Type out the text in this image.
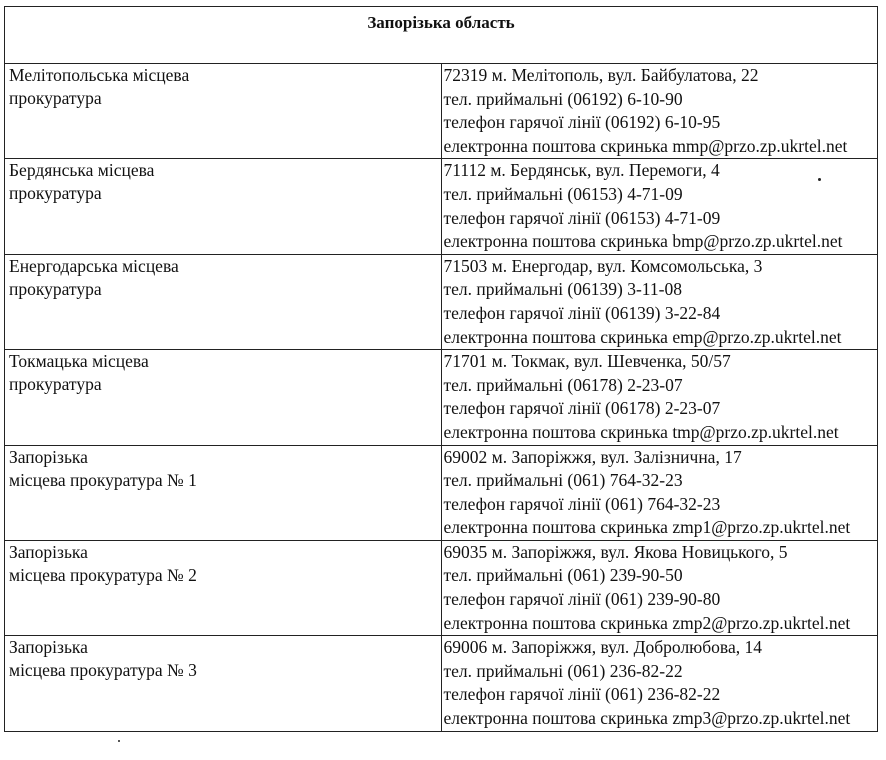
Запорізька область	

Мелітопольська місцева
прокуратура	72319 м. Мелітополь, вул. Байбулатова, 22
тел. приймальні (06192) 6-10-90
телефон гарячої лінії (06192) 6-10-95
електронна поштова скринька mmp@przo.zp.ukrtel.net

Бердянська місцева
прокуратура	71112 м. Бердянськ, вул. Перемоги, 4
тел. приймальні (06153) 4-71-09
телефон гарячої лінії (06153) 4-71-09
електронна поштова скринька bmp@przo.zp.ukrtel.net

Енергодарська місцева
прокуратура	71503 м. Енергодар, вул. Комсомольська, 3
тел. приймальні (06139) 3-11-08
телефон гарячої лінії (06139) 3-22-84
електронна поштова скринька emp@przo.zp.ukrtel.net

Токмацька місцева
прокуратура	71701 м. Токмак, вул. Шевченка, 50/57
тел. приймальні (06178) 2-23-07
телефон гарячої лінії (06178) 2-23-07
електронна поштова скринька tmp@przo.zp.ukrtel.net

Запорізька
місцева прокуратура № 1	69002 м. Запоріжжя, вул. Залізнична, 17
тел. приймальні (061) 764-32-23
телефон гарячої лінії (061) 764-32-23
електронна поштова скринька zmp1@przo.zp.ukrtel.net

Запорізька
місцева прокуратура № 2	69035 м. Запоріжжя, вул. Якова Новицького, 5
тел. приймальні (061) 239-90-50
телефон гарячої лінії (061) 239-90-80
електронна поштова скринька zmp2@przo.zp.ukrtel.net

Запорізька
місцева прокуратура № 3	69006 м. Запоріжжя, вул. Добролюбова, 14
тел. приймальні (061) 236-82-22
телефон гарячої лінії (061) 236-82-22
електронна поштова скринька zmp3@przo.zp.ukrtel.net
